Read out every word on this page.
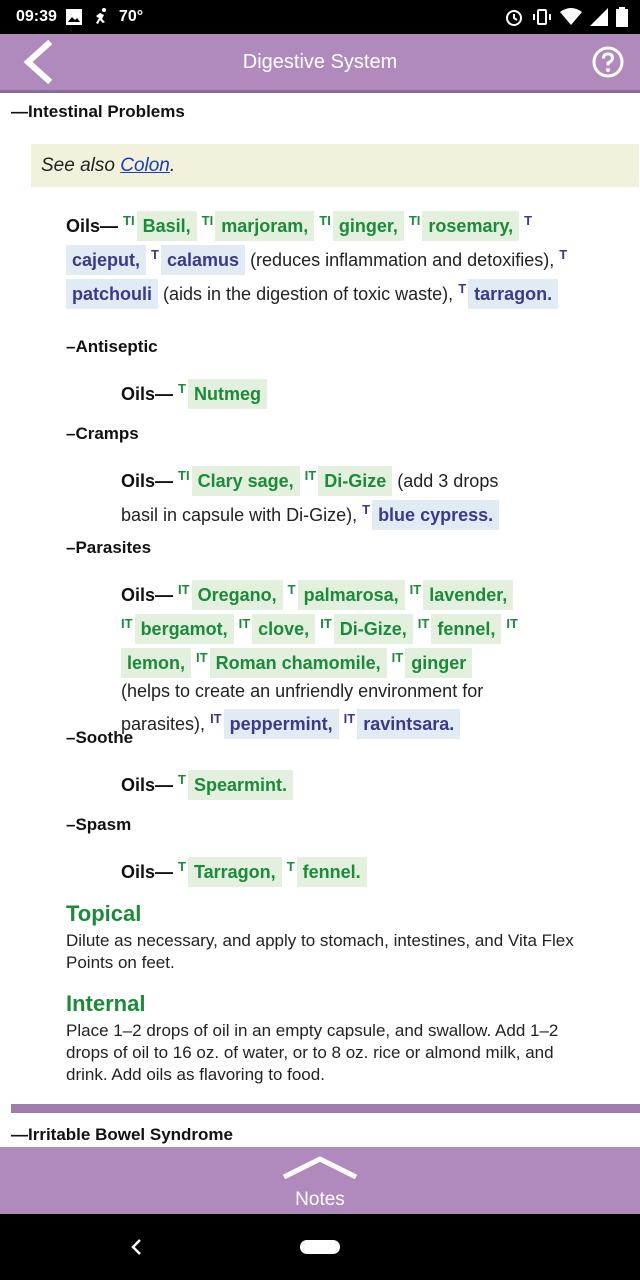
09:39	70°
Digestive System
—Intestinal Problems
See also
Colon .
Oils— $^{TI}$ Basil, $^{TI}$ marjoram, $^{TI}$ ginger, $^{TI}$ rosemary, $^T$cajeput, $^T$ calamus (reduces inflammation and detoxifies), $^T$patchouli (aids in the digestion of toxic waste), $^T$ tarragon.
–Antiseptic
Oils— $^T$ Nutmeg
–Cramps
Oils— $^{TI}$ Clary sage, $^{IT}$ Di-Gize (add 3 drops basil in capsule with Di-Gize), $^T$ blue cypress.
–Parasites
Oils— $^{IT}$ Oregano, $^T$ palmarosa, $^{IT}$ lavender, $^{IT}$ bergamot, $^{IT}$ clove, $^{IT}$ Di-Gize, $^{IT}$ fennel, $^{IT}$lemon, $^{IT}$ Roman chamomile, $^{IT}$ ginger (helps to create an unfriendly environment for parasites), $^{IT}$ peppermint, $^{IT}$ ravintsara.
–Soothe
Oils— $^T$ Spearmint.
–Spasm
Oils— $^T$ Tarragon, $^T$ fennel.
Topical
Dilute as necessary, and apply to stomach, intestines, and Vita Flex Points on feet.
Internal
Place 1–2 drops of oil in an empty capsule, and swallow. Add 1–2 drops of oil to 16 oz. of water, or to 8 oz. rice or almond milk, and drink. Add oils as flavoring to food.
—Irritable Bowel Syndrome
Notes
